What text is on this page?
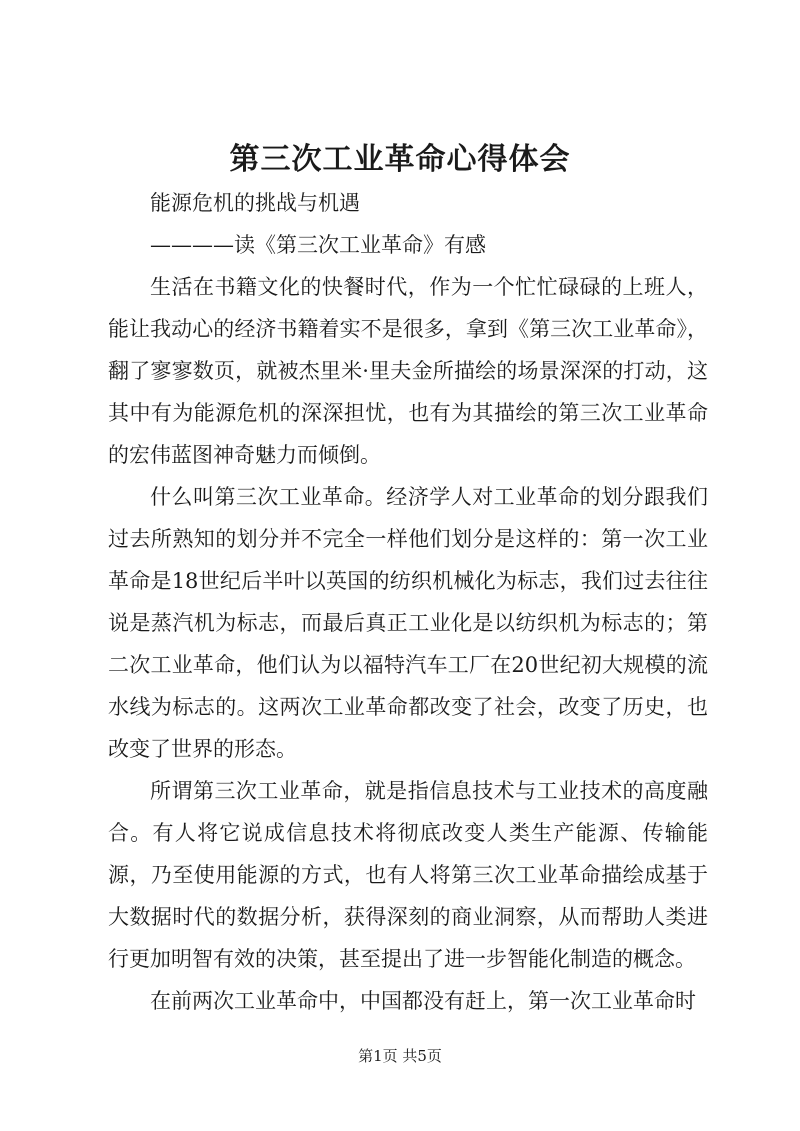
第三次工业革命心得体会

能源危机的挑战与机遇

————读《第三次工业革命》有感

生活在书籍文化的快餐时代，作为一个忙忙碌碌的上班人，能让我动心的经济书籍着实不是很多，拿到《第三次工业革命》，翻了寥寥数页，就被杰里米·里夫金所描绘的场景深深的打动，这其中有为能源危机的深深担忧，也有为其描绘的第三次工业革命的宏伟蓝图神奇魅力而倾倒。

什么叫第三次工业革命。经济学人对工业革命的划分跟我们过去所熟知的划分并不完全一样他们划分是这样的：第一次工业革命是18世纪后半叶以英国的纺织机械化为标志，我们过去往往说是蒸汽机为标志，而最后真正工业化是以纺织机为标志的；第二次工业革命，他们认为以福特汽车工厂在20世纪初大规模的流水线为标志的。这两次工业革命都改变了社会，改变了历史，也改变了世界的形态。

所谓第三次工业革命，就是指信息技术与工业技术的高度融合。有人将它说成信息技术将彻底改变人类生产能源、传输能源，乃至使用能源的方式，也有人将第三次工业革命描绘成基于大数据时代的数据分析，获得深刻的商业洞察，从而帮助人类进行更加明智有效的决策，甚至提出了进一步智能化制造的概念。

在前两次工业革命中，中国都没有赶上，第一次工业革命时

第1页 共5页
